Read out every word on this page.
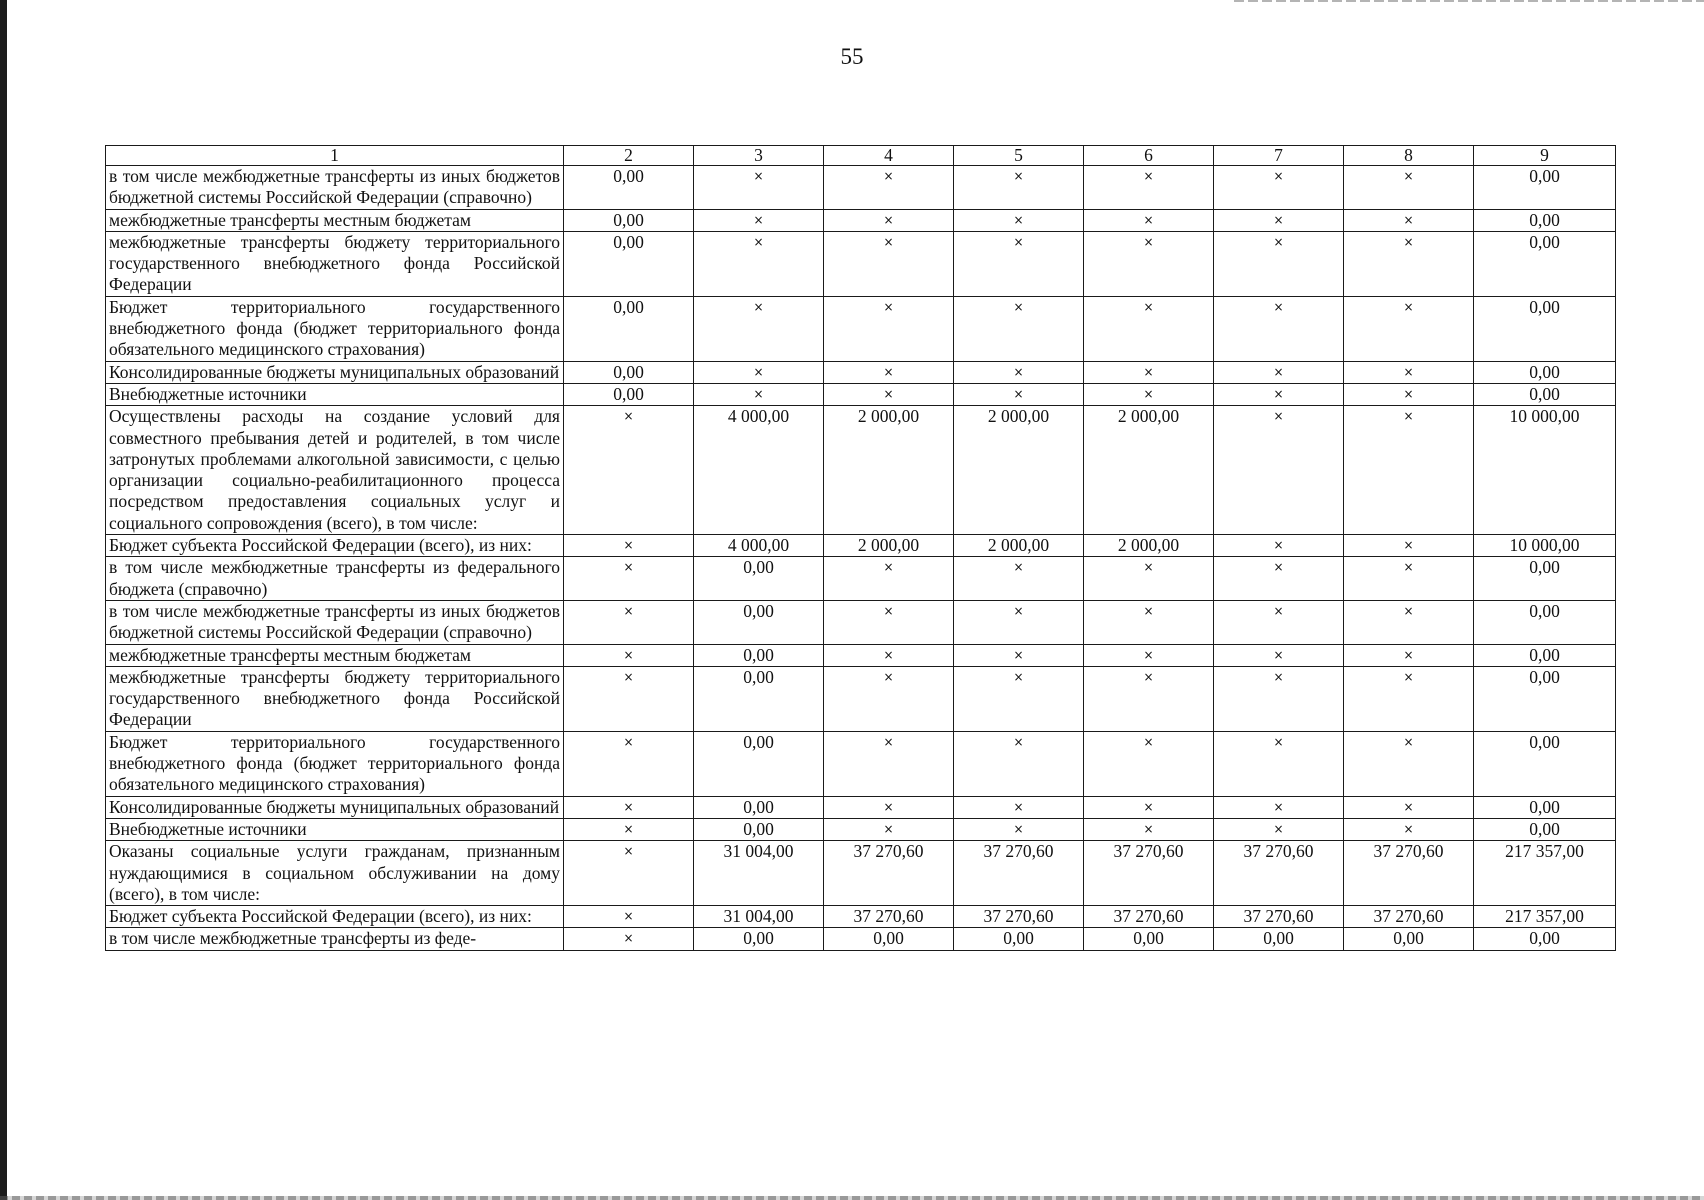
55
1	2	3	4	5	6	7	8	9
в том числе межбюджетные трансферты из иных бюджетов бюджетной системы Российской Федерации (справочно)	0,00	×	×	×	×	×	×	0,00
межбюджетные трансферты местным бюджетам	0,00	×	×	×	×	×	×	0,00
межбюджетные трансферты бюджету территориального государственного внебюджетного фонда Российской Федерации	0,00	×	×	×	×	×	×	0,00
Бюджет территориального государственного внебюджетного фонда (бюджет территориального фонда обязательного медицинского страхования)	0,00	×	×	×	×	×	×	0,00
Консолидированные бюджеты муниципальных образований	0,00	×	×	×	×	×	×	0,00
Внебюджетные источники	0,00	×	×	×	×	×	×	0,00
Осуществлены расходы на создание условий для совместного пребывания детей и родителей, в том числе затронутых проблемами алкогольной зависимости, с целью организации социально-реабилитационного процесса посредством предоставления социальных услуг и социального сопровождения (всего), в том числе:	×	4 000,00	2 000,00	2 000,00	2 000,00	×	×	10 000,00
Бюджет субъекта Российской Федерации (всего), из них:	×	4 000,00	2 000,00	2 000,00	2 000,00	×	×	10 000,00
в том числе межбюджетные трансферты из федерального бюджета (справочно)	×	0,00	×	×	×	×	×	0,00
в том числе межбюджетные трансферты из иных бюджетов бюджетной системы Российской Федерации (справочно)	×	0,00	×	×	×	×	×	0,00
межбюджетные трансферты местным бюджетам	×	0,00	×	×	×	×	×	0,00
межбюджетные трансферты бюджету территориального государственного внебюджетного фонда Российской Федерации	×	0,00	×	×	×	×	×	0,00
Бюджет территориального государственного внебюджетного фонда (бюджет территориального фонда обязательного медицинского страхования)	×	0,00	×	×	×	×	×	0,00
Консолидированные бюджеты муниципальных образований	×	0,00	×	×	×	×	×	0,00
Внебюджетные источники	×	0,00	×	×	×	×	×	0,00
Оказаны социальные услуги гражданам, признанным нуждающимися в социальном обслуживании на дому (всего), в том числе:	×	31 004,00	37 270,60	37 270,60	37 270,60	37 270,60	37 270,60	217 357,00
Бюджет субъекта Российской Федерации (всего), из них:	×	31 004,00	37 270,60	37 270,60	37 270,60	37 270,60	37 270,60	217 357,00
в том числе межбюджетные трансферты из феде-	×	0,00	0,00	0,00	0,00	0,00	0,00	0,00
